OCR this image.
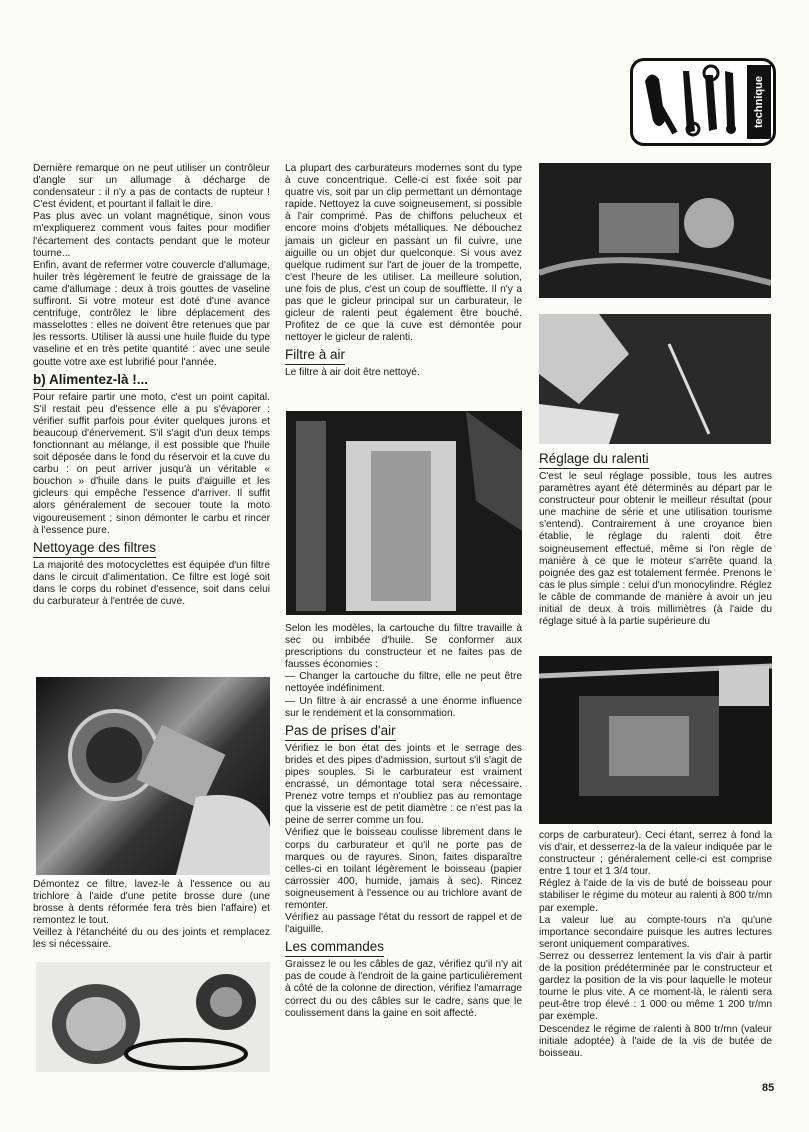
technique

Dernière remarque on ne peut utiliser un contrôleur d'angle sur un allumage à décharge de condensateur : il n'y a pas de contacts de rupteur ! C'est évident, et pourtant il fallait le dire.

Pas plus avec un volant magnétique, sinon vous m'expliquerez comment vous faites pour modifier l'écartement des contacts pendant que le moteur tourne...

Enfin, avant de refermer votre couvercle d'allumage, huiler très légèrement le feutre de graissage de la came d'allumage : deux à trois gouttes de vaseline suffiront. Si votre moteur est doté d'une avance centrifuge, contrôlez le libre déplacement des masselottes : elles ne doivent être retenues que par les ressorts. Utiliser là aussi une huile fluide du type vaseline et en très petite quantité : avec une seule goutte votre axe est lubrifié pour l'année.

b) Alimentez-là !...

Pour refaire partir une moto, c'est un point capital. S'il restait peu d'essence elle a pu s'évaporer : vérifier suffit parfois pour éviter quelques jurons et beaucoup d'énervement. S'il s'agit d'un deux temps fonctionnant au mélange, il est possible que l'huile soit déposée dans le fond du réservoir et la cuve du carbu : on peut arriver jusqu'à un véritable « bouchon » d'huile dans le puits d'aiguille et les gicleurs qui empêche l'essence d'arriver. Il suffit alors généralement de secouer toute la moto vigoureusement ; sinon démonter le carbu et rincer à l'essence pure.

Nettoyage des filtres

La majorité des motocyclettes est équipée d'un filtre dans le circuit d'alimentation. Ce filtre est logé soit dans le corps du robinet d'essence, soit dans celui du carburateur à l'entrée de cuve.

Démontez ce filtre, lavez-le à l'essence ou au trichlore à l'aide d'une petite brosse dure (une brosse à dents réformée fera très bien l'affaire) et remontez le tout.

Veillez à l'étanchéité du ou des joints et remplacez les si nécessaire.

La plupart des carburateurs modernes sont du type à cuve concentrique. Celle-ci est fixée soit par quatre vis, soit par un clip permettant un démontage rapide. Nettoyez la cuve soigneusement, si possible à l'air comprimé. Pas de chiffons pelucheux et encore moins d'objets métalliques. Ne débouchez jamais un gicleur en passant un fil cuivre, une aiguille ou un objet dur quelconque. Si vous avez quelque rudiment sur l'art de jouer de la trompette, c'est l'heure de les utiliser. La meilleure solution, une fois de plus, c'est un coup de soufflette. Il n'y a pas que le gicleur principal sur un carburateur, le gicleur de ralenti peut également être bouché. Profitez de ce que la cuve est démontée pour nettoyer le gicleur de ralenti.

Filtre à air

Le filtre à air doit être nettoyé.

Selon les modèles, la cartouche du filtre travaille à sec ou imbibée d'huile. Se conformer aux prescriptions du constructeur et ne faites pas de fausses économies :

— Changer la cartouche du filtre, elle ne peut être nettoyée indéfiniment.

— Un filtre à air encrassé a une énorme influence sur le rendement et la consommation.

Pas de prises d'air

Vérifiez le bon état des joints et le serrage des brides et des pipes d'admission, surtout s'il s'agit de pipes souples. Si le carburateur est vraiment encrassé, un démontage total sera nécessaire. Prenez votre temps et n'oubliez pas au remontage que la visserie est de petit diamètre : ce n'est pas la peine de serrer comme un fou.

Vérifiez que le boisseau coulisse librement dans le corps du carburateur et qu'il ne porte pas de marques ou de rayures. Sinon, faites disparaître celles-ci en toilant légèrement le boisseau (papier carrossier 400, humide, jamais à sec). Rincez soigneusement à l'essence ou au trichlore avant de remonter.

Vérifiez au passage l'état du ressort de rappel et de l'aiguille.

Les commandes

Graissez le ou les câbles de gaz, vérifiez qu'il n'y ait pas de coude à l'endroit de la gaine particulièrement à côté de la colonne de direction, vérifiez l'amarrage correct du ou des câbles sur le cadre, sans que le coulissement dans la gaine en soit affecté.

Réglage du ralenti

C'est le seul réglage possible, tous les autres paramètres ayant été déterminés au départ par le constructeur pour obtenir le meilleur résultat (pour une machine de série et une utilisation tourisme s'entend). Contrairement à une croyance bien établie, le réglage du ralenti doit être soigneusement effectué, même si l'on règle de manière à ce que le moteur s'arrête quand la poignée des gaz est totalement fermée. Prenons le cas le plus simple : celui d'un monocylindre. Réglez le câble de commande de manière à avoir un jeu initial de deux à trois millimètres (à l'aide du réglage situé à la partie supérieure du

corps de carburateur). Ceci étant, serrez à fond la vis d'air, et desserrez-la de la valeur indiquée par le constructeur ; généralement celle-ci est comprise entre 1 tour et 1 3/4 tour.

Réglez à l'aide de la vis de buté de boisseau pour stabiliser le régime du moteur au ralenti à 800 tr/mn par exemple.

La valeur lue au compte-tours n'a qu'une importance secondaire puisque les autres lectures seront uniquement comparatives.

Serrez ou desserrez lentement la vis d'air à partir de la position prédéterminée par le constructeur et gardez la position de la vis pour laquelle le moteur tourne le plus vite. A ce moment-là, le ralenti sera peut-être trop élevé : 1 000 ou même 1 200 tr/mn par exemple.

Descendez le régime de ralenti à 800 tr/mn (valeur initiale adoptée) à l'aide de la vis de butée de boisseau.

85
